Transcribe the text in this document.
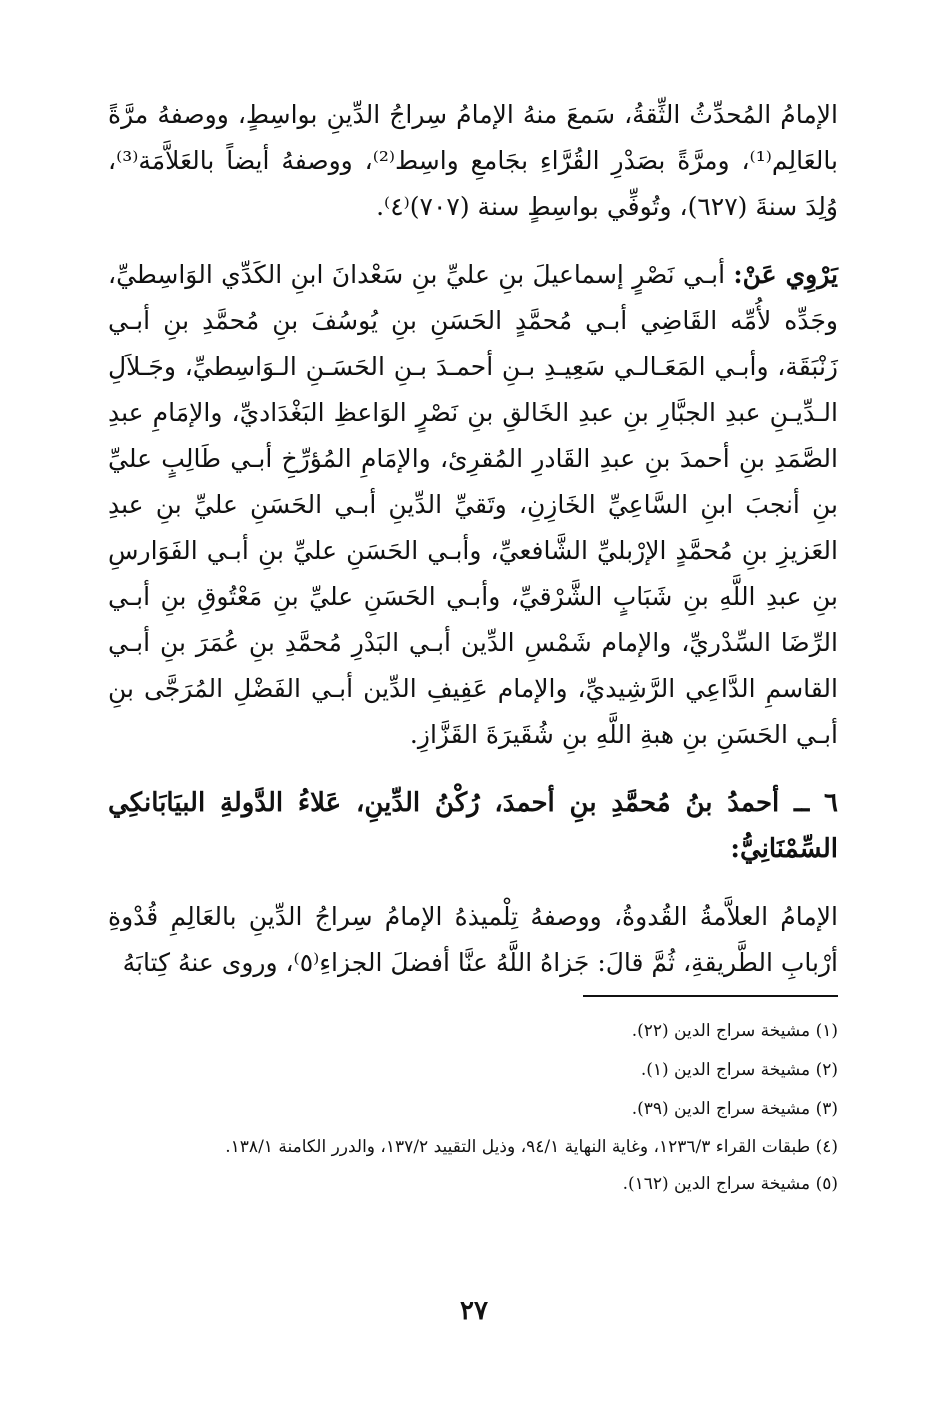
الإمامُ المُحدِّثُ الثِّقةُ، سَمعَ منهُ الإمامُ سِراجُ الدِّينِ بواسِطٍ، ووصفهُ مرَّةً بالعَالِم⁽¹⁾، ومرَّةً بصَدْرِ القُرَّاءِ بجَامعِ واسِط⁽²⁾، ووصفهُ أيضاً بالعَلاَّمَة⁽³⁾، وُلِدَ سنةَ (٦٢٧)، وتُوفِّي بواسِطٍ سنة (٧٠٧)⁽٤⁾.

يَرْوِي عَنْ: أبـي نَصْرٍ إسماعيلَ بنِ عليِّ بنِ سَعْدانَ ابنِ الكَدِّي الوَاسِطيِّ، وجَدِّه لأُمِّه القَاضِي أبـي مُحمَّدٍ الحَسَنِ بنِ يُوسُفَ بنِ مُحمَّدِ بنِ أبـي زَنْبَقَة، وأبـي المَعَـالـي سَعِيـدِ بـنِ أحمـدَ بـنِ الحَسَـنِ الـوَاسِطيِّ، وجَـلاَلِ الـدِّيـنِ عبدِ الجبَّارِ بنِ عبدِ الخَالقِ بنِ نَصْرٍ الوَاعظِ البَغْدَاديِّ، والإمَامِ عبدِ الصَّمَدِ بنِ أحمدَ بنِ عبدِ القَادرِ المُقرِئ، والإمَامِ المُؤرِّخِ أبـي طَالِبٍ عليِّ بنِ أنجبَ ابنِ السَّاعِيِّ الخَازِنِ، وتَقيِّ الدِّينِ أبـي الحَسَنِ عليِّ بنِ عبدِ العَزيزِ بنِ مُحمَّدٍ الإرْبليِّ الشَّافعيِّ، وأبـي الحَسَنِ عليِّ بنِ أبـي الفَوَارسِ بنِ عبدِ اللَّهِ بنِ شَبَابٍ الشَّرْقيِّ، وأبـي الحَسَنِ عليِّ بنِ مَعْتُوقِ بنِ أبـي الرِّضَا السِّدْريِّ، والإمام شَمْسِ الدِّين أبـي البَدْرِ مُحمَّدِ بنِ عُمَرَ بنِ أبـي القاسمِ الدَّاعِي الرَّشِيديِّ، والإمام عَفِيفِ الدِّين أبـي الفَضْلِ المُرَجَّى بنِ أبـي الحَسَنِ بنِ هبةِ اللَّهِ بنِ شُقَيرَةَ القَزَّازِ.

٦ ــ أحمدُ بنُ مُحمَّدِ بنِ أحمدَ، رُكْنُ الدِّينِ، عَلاءُ الدَّولةِ البيَابَانكِي السِّمْنَانِيُّ:

الإمامُ العلاَّمةُ القُدوةُ، ووصفهُ تِلْميذهُ الإمامُ سِراجُ الدِّينِ بالعَالِمِ قُدْوةِ أرْبابِ الطَّريقةِ، ثُمَّ قالَ: جَزاهُ اللَّهُ عنَّا أفضلَ الجزاءِ⁽٥⁾، وروى عنهُ كِتابَهُ

(١) مشيخة سراج الدين (٢٢).

(٢) مشيخة سراج الدين (١).

(٣) مشيخة سراج الدين (٣٩).

(٤) طبقات القراء ١٢٣٦/٣، وغاية النهاية ٩٤/١، وذيل التقييد ١٣٧/٢، والدرر الكامنة ١٣٨/١.

(٥) مشيخة سراج الدين (١٦٢).

٢٧
